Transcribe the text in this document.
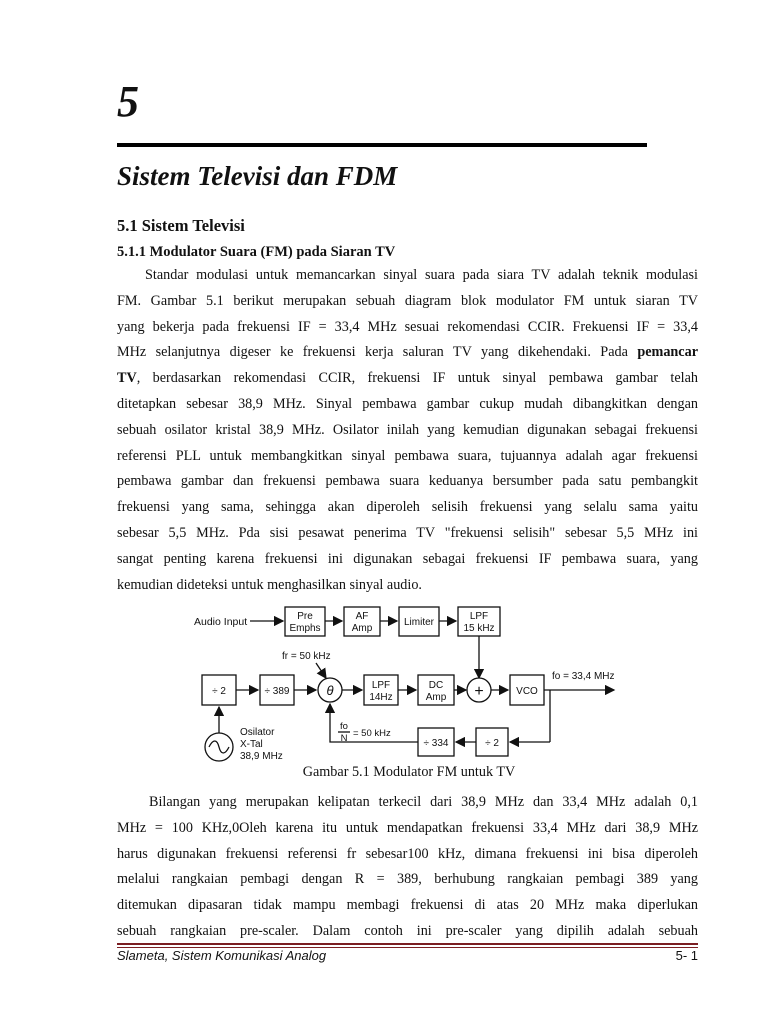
5
Sistem Televisi dan FDM
5.1 Sistem Televisi
5.1.1 Modulator Suara (FM) pada Siaran TV
Standar modulasi untuk memancarkan sinyal suara pada siara TV adalah teknik modulasi
FM. Gambar 5.1 berikut merupakan sebuah diagram blok modulator FM untuk siaran TV
yang bekerja pada frekuensi IF = 33,4 MHz sesuai rekomendasi CCIR. Frekuensi IF = 33,4
MHz selanjutnya digeser ke frekuensi kerja saluran TV yang dikehendaki. Pada pemancar
TV, berdasarkan rekomendasi CCIR, frekuensi IF untuk sinyal pembawa gambar telah
ditetapkan sebesar 38,9 MHz. Sinyal pembawa gambar cukup mudah dibangkitkan dengan
sebuah osilator kristal 38,9 MHz. Osilator inilah yang kemudian digunakan sebagai frekuensi
referensi PLL untuk membangkitkan sinyal pembawa suara, tujuannya adalah agar frekuensi
pembawa gambar dan frekuensi pembawa suara keduanya bersumber pada satu pembangkit
frekuensi yang sama, sehingga akan diperoleh selisih frekuensi yang selalu sama yaitu
sebesar 5,5 MHz. Pda sisi pesawat penerima TV "frekuensi selisih" sebesar 5,5 MHz ini
sangat penting karena frekuensi ini digunakan sebagai frekuensi IF pembawa suara, yang
kemudian dideteksi untuk menghasilkan sinyal audio.
Audio Input	Pre
Emphs
AF
Amp
Limiter
LPF
15 kHz
fr = 50 kHz
÷ 2	÷ 389	θ	LPF
14Hz
DC
Amp +	VCO
fo = 33,4 MHz
÷ 2
÷ 334
fo
N = 50 kHz
Osilator
X-Tal
38,9 MHz
Gambar 5.1 Modulator FM untuk TV
Bilangan yang merupakan kelipatan terkecil dari 38,9 MHz dan 33,4 MHz adalah 0,1
MHz = 100 KHz,0Oleh karena itu untuk mendapatkan frekuensi 33,4 MHz dari 38,9 MHz
harus digunakan frekuensi referensi fr sebesar100 kHz, dimana frekuensi ini bisa diperoleh
melalui rangkaian pembagi dengan R = 389, berhubung rangkaian pembagi 389 yang
ditemukan dipasaran tidak mampu membagi frekuensi di atas 20 MHz maka diperlukan
sebuah rangkaian pre-scaler. Dalam contoh ini pre-scaler yang dipilih adalah sebuah
Slameta, Sistem Komunikasi Analog	5- 1
